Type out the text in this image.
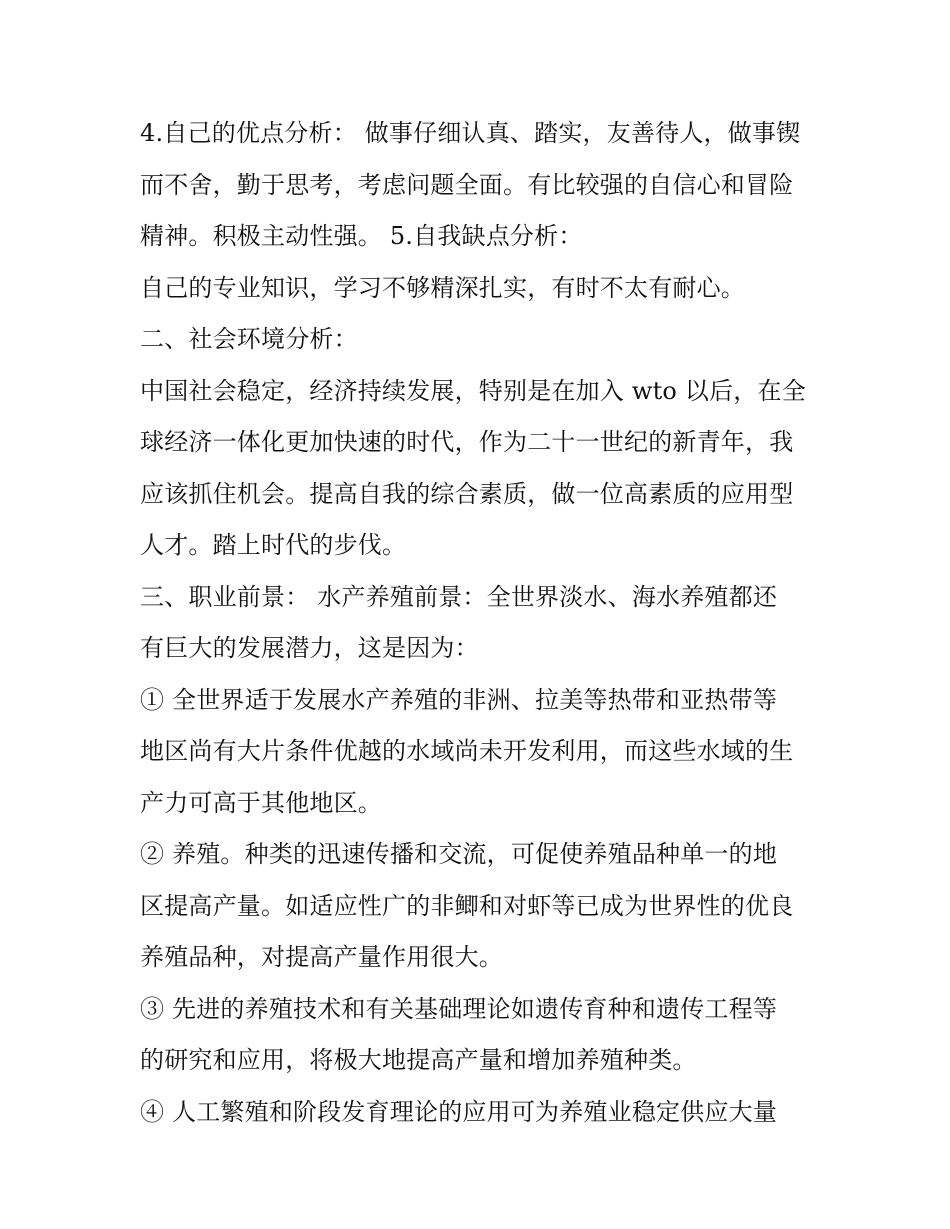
4.自己的优点分析： 做事仔细认真、踏实，友善待人，做事锲
而不舍，勤于思考，考虑问题全面。有比较强的自信心和冒险
精神。积极主动性强。 5.自我缺点分析：
自己的专业知识，学习不够精深扎实，有时不太有耐心。
二、社会环境分析：
中国社会稳定，经济持续发展，特别是在加入 wto 以后，在全
球经济一体化更加快速的时代，作为二十一世纪的新青年，我
应该抓住机会。提高自我的综合素质，做一位高素质的应用型
人才。踏上时代的步伐。
三、职业前景： 水产养殖前景：全世界淡水、海水养殖都还
有巨大的发展潜力，这是因为：
① 全世界适于发展水产养殖的非洲、拉美等热带和亚热带等
地区尚有大片条件优越的水域尚未开发利用，而这些水域的生
产力可高于其他地区。
② 养殖。种类的迅速传播和交流，可促使养殖品种单一的地
区提高产量。如适应性广的非鲫和对虾等已成为世界性的优良
养殖品种，对提高产量作用很大。
③ 先进的养殖技术和有关基础理论如遗传育种和遗传工程等
的研究和应用，将极大地提高产量和增加养殖种类。
④ 人工繁殖和阶段发育理论的应用可为养殖业稳定供应大量
